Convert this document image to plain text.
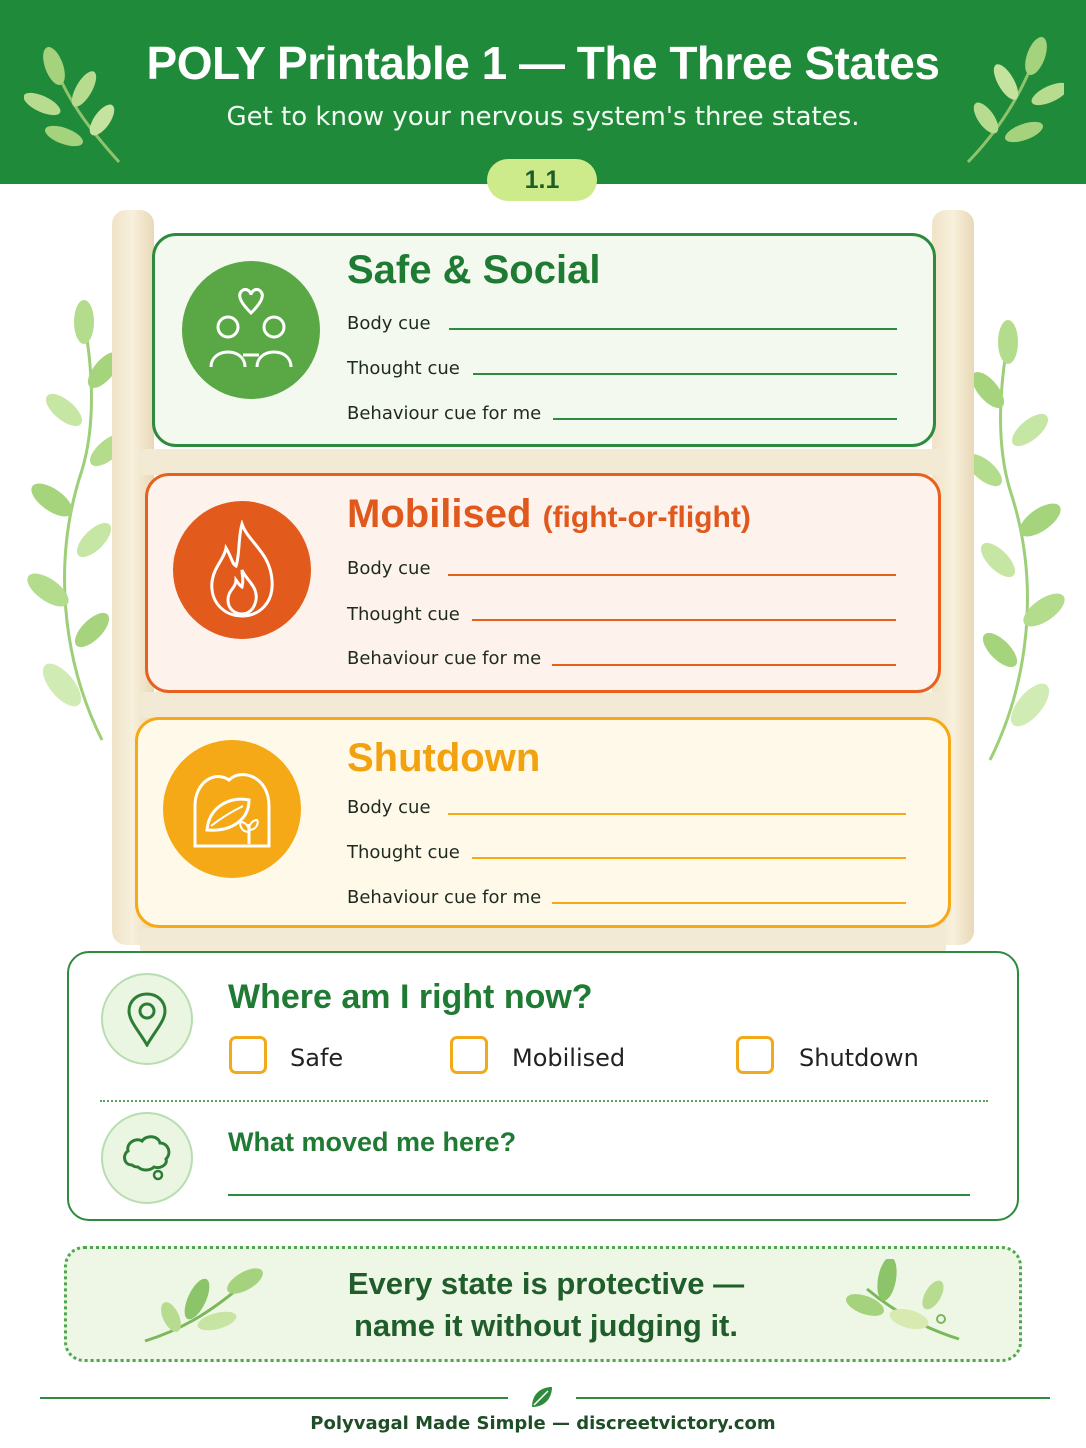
POLY Printable 1 — The Three States
Get to know your nervous system's three states.
1.1
Safe & Social
Body cue
Thought cue
Behaviour cue for me
Mobilised (fight-or-flight)
Body cue
Thought cue
Behaviour cue for me
Shutdown
Body cue
Thought cue
Behaviour cue for me
Where am I right now?
Safe	Mobilised	Shutdown
What moved me here?
Every state is protective —
name it without judging it.
Polyvagal Made Simple — discreetvictory.com
